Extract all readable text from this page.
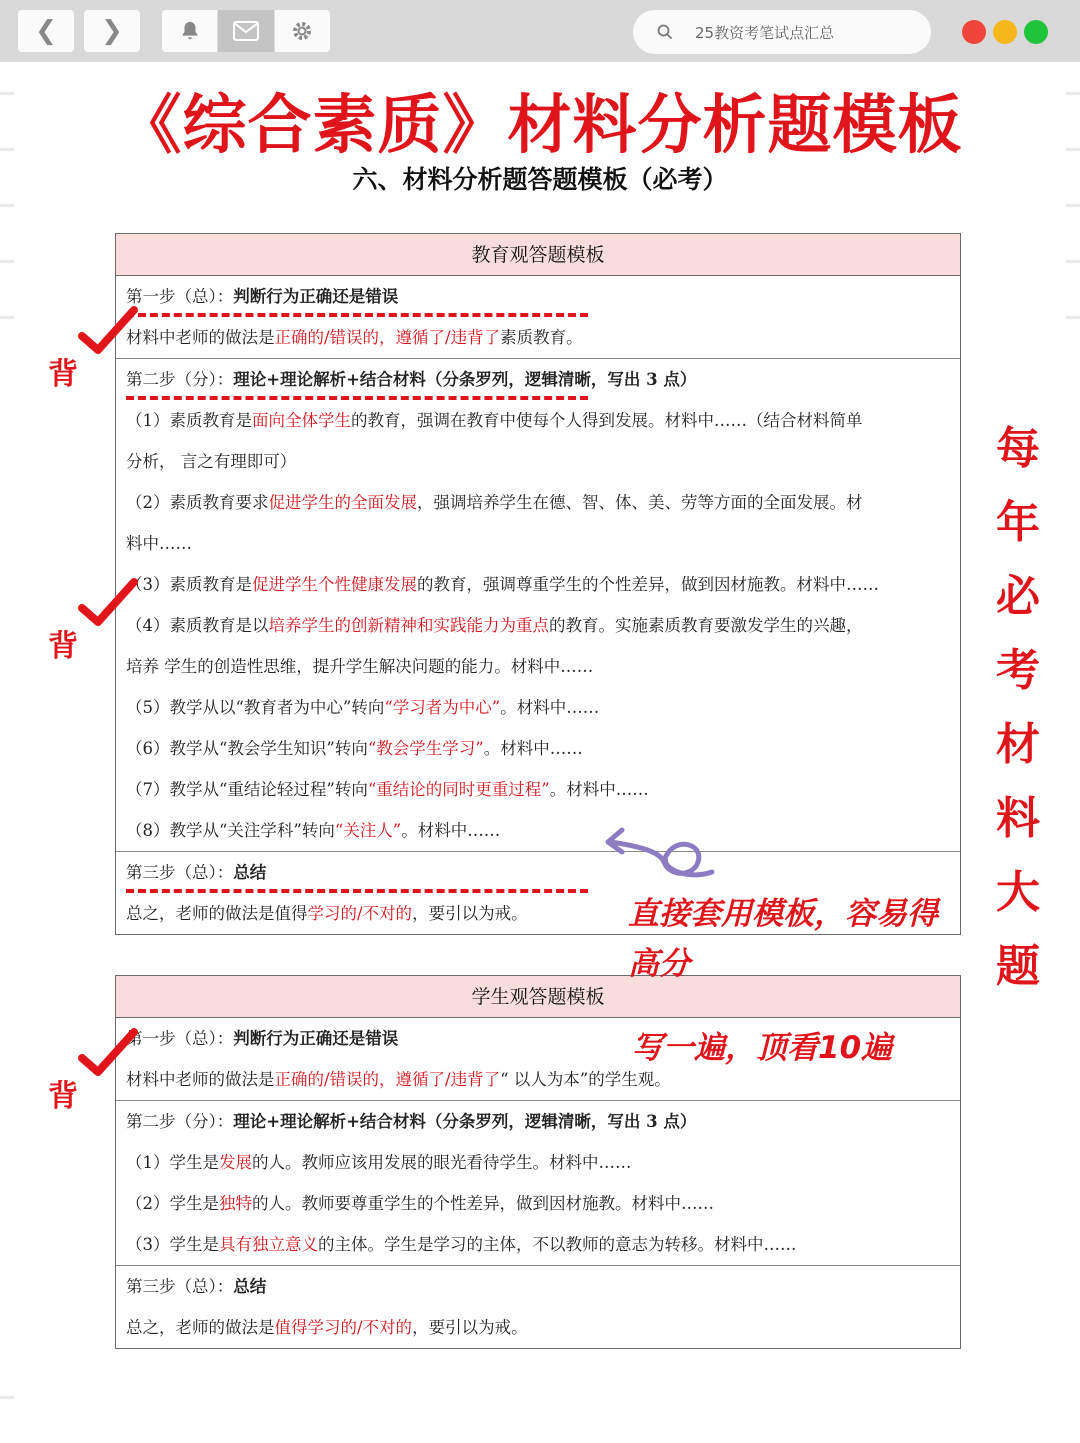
❮ ❯	25教资考笔试点汇总
《综合素质》材料分析题模板
六、材料分析题答题模板（必考）
教育观答题模板
第一步（总）：判断行为正确还是错误
材料中老师的做法是正确的/错误的，遵循了/违背了素质教育。
第二步（分）：理论+理论解析+结合材料（分条罗列，逻辑清晰，写出 3 点）
（1）素质教育是面向全体学生的教育，强调在教育中使每个人得到发展。材料中……（结合材料简单
分析， 言之有理即可）
（2）素质教育要求促进学生的全面发展，强调培养学生在德、智、体、美、劳等方面的全面发展。材
料中……
（3）素质教育是促进学生个性健康发展的教育，强调尊重学生的个性差异，做到因材施教。材料中……
（4）素质教育是以培养学生的创新精神和实践能力为重点的教育。实施素质教育要激发学生的兴趣，
培养 学生的创造性思维，提升学生解决问题的能力。材料中……
（5）教学从以“教育者为中心”转向“学习者为中心”。材料中……
（6）教学从“教会学生知识”转向“教会学生学习”。材料中……
（7）教学从“重结论轻过程”转向“重结论的同时更重过程”。材料中……
（8）教学从“关注学科”转向“关注人”。材料中……
第三步（总）：总结
总之，老师的做法是值得学习的/不对的，要引以为戒。
学生观答题模板
第一步（总）：判断行为正确还是错误
材料中老师的做法是正确的/错误的，遵循了/违背了“ 以人为本”的学生观。
第二步（分）：理论+理论解析+结合材料（分条罗列，逻辑清晰，写出 3 点）
（1）学生是发展的人。教师应该用发展的眼光看待学生。材料中……
（2）学生是独特的人。教师要尊重学生的个性差异，做到因材施教。材料中……
（3）学生是具有独立意义的主体。学生是学习的主体，不以教师的意志为转移。材料中……
第三步（总）：总结
总之，老师的做法是值得学习的/不对的，要引以为戒。
背
背
背
直接套用模板，容易得
高分
写一遍，顶看10遍
每
年
必
考
材
料
大
题
